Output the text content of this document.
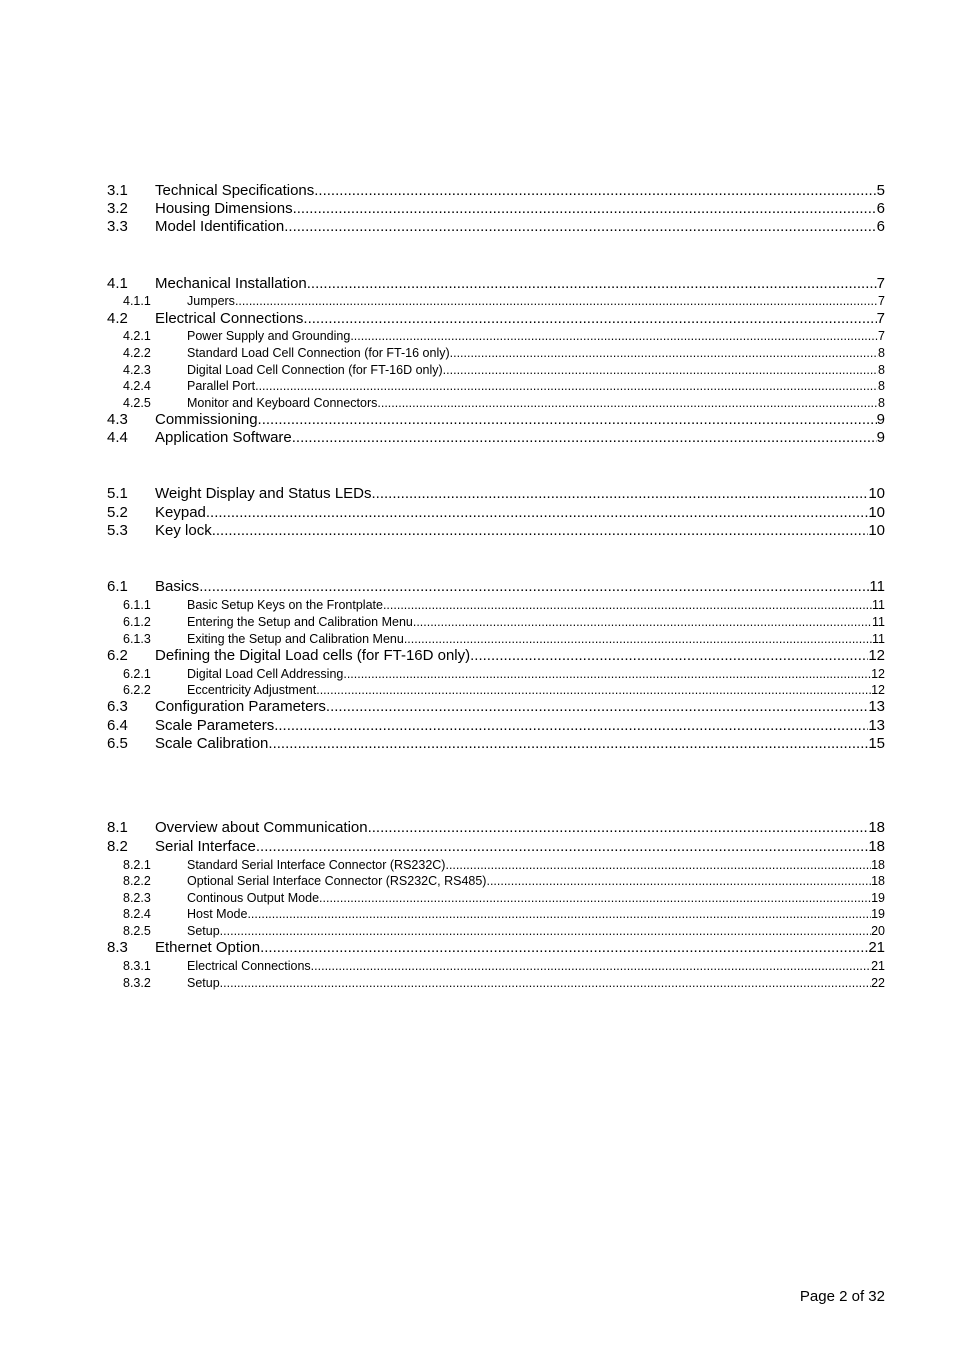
3.1	Technical Specifications .....	5
3.2	Housing Dimensions .....	6
3.3	Model Identification .....	6
4.1	Mechanical Installation .....	7
4.1.1	Jumpers .....	7
4.2	Electrical Connections .....	7
4.2.1	Power Supply and Grounding .....	7
4.2.2	Standard Load Cell Connection (for FT-16 only) .....	8
4.2.3	Digital Load Cell Connection (for FT-16D only) .....	8
4.2.4	Parallel Port .....	8
4.2.5	Monitor and Keyboard Connectors .....	8
4.3	Commissioning .....	9
4.4	Application Software .....	9
5.1	Weight Display and Status LEDs .....	10
5.2	Keypad .....	10
5.3	Key lock .....	10
6.1	Basics .....	11
6.1.1	Basic Setup Keys on the Frontplate .....	11
6.1.2	Entering the Setup and Calibration Menu .....	11
6.1.3	Exiting the Setup and Calibration Menu .....	11
6.2	Defining the Digital Load cells (for FT-16D only) .....	12
6.2.1	Digital Load Cell Addressing .....	12
6.2.2	Eccentricity Adjustment .....	12
6.3	Configuration Parameters .....	13
6.4	Scale Parameters .....	13
6.5	Scale Calibration .....	15
8.1	Overview about Communication .....	18
8.2	Serial Interface .....	18
8.2.1	Standard Serial Interface Connector (RS232C) .....	18
8.2.2	Optional Serial Interface Connector (RS232C, RS485) .....	18
8.2.3	Continous Output Mode .....	19
8.2.4	Host Mode .....	19
8.2.5	Setup .....	20
8.3	Ethernet Option .....	21
8.3.1	Electrical Connections .....	21
8.3.2	Setup .....	22
Page 2 of 32
